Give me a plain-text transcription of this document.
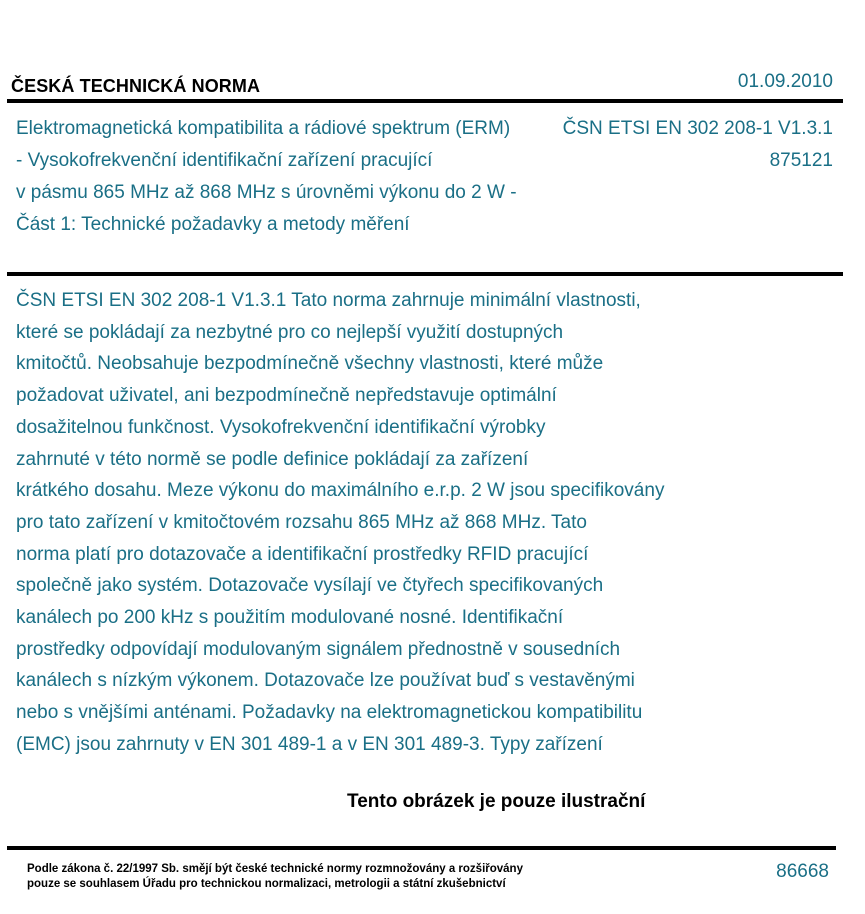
ČESKÁ TECHNICKÁ NORMA	01.09.2010
Elektromagnetická kompatibilita a rádiové spektrum (ERM)
- Vysokofrekvenční identifikační zařízení pracující
v pásmu 865 MHz až 868 MHz s úrovněmi výkonu do 2 W -
Část 1: Technické požadavky a metody měření
ČSN ETSI EN 302 208-1 V1.3.1
875121
ČSN ETSI EN 302 208-1 V1.3.1 Tato norma zahrnuje minimální vlastnosti,
které se pokládají za nezbytné pro co nejlepší využití dostupných
kmitočtů. Neobsahuje bezpodmínečně všechny vlastnosti, které může
požadovat uživatel, ani bezpodmínečně nepředstavuje optimální
dosažitelnou funkčnost. Vysokofrekvenční identifikační výrobky
zahrnuté v této normě se podle definice pokládají za zařízení
krátkého dosahu. Meze výkonu do maximálního e.r.p. 2 W jsou specifikovány
pro tato zařízení v kmitočtovém rozsahu 865 MHz až 868 MHz. Tato
norma platí pro dotazovače a identifikační prostředky RFID pracující
společně jako systém. Dotazovače vysílají ve čtyřech specifikovaných
kanálech po 200 kHz s použitím modulované nosné. Identifikační
prostředky odpovídají modulovaným signálem přednostně v sousedních
kanálech s nízkým výkonem. Dotazovače lze používat buď s vestavěnými
nebo s vnějšími anténami. Požadavky na elektromagnetickou kompatibilitu
(EMC) jsou zahrnuty v EN 301 489-1 a v EN 301 489-3. Typy zařízení
Tento obrázek je pouze ilustrační
Podle zákona č. 22/1997 Sb. smějí být české technické normy rozmnožovány a rozšiřovány
pouze se souhlasem Úřadu pro technickou normalizaci, metrologii a státní zkušebnictví
86668
